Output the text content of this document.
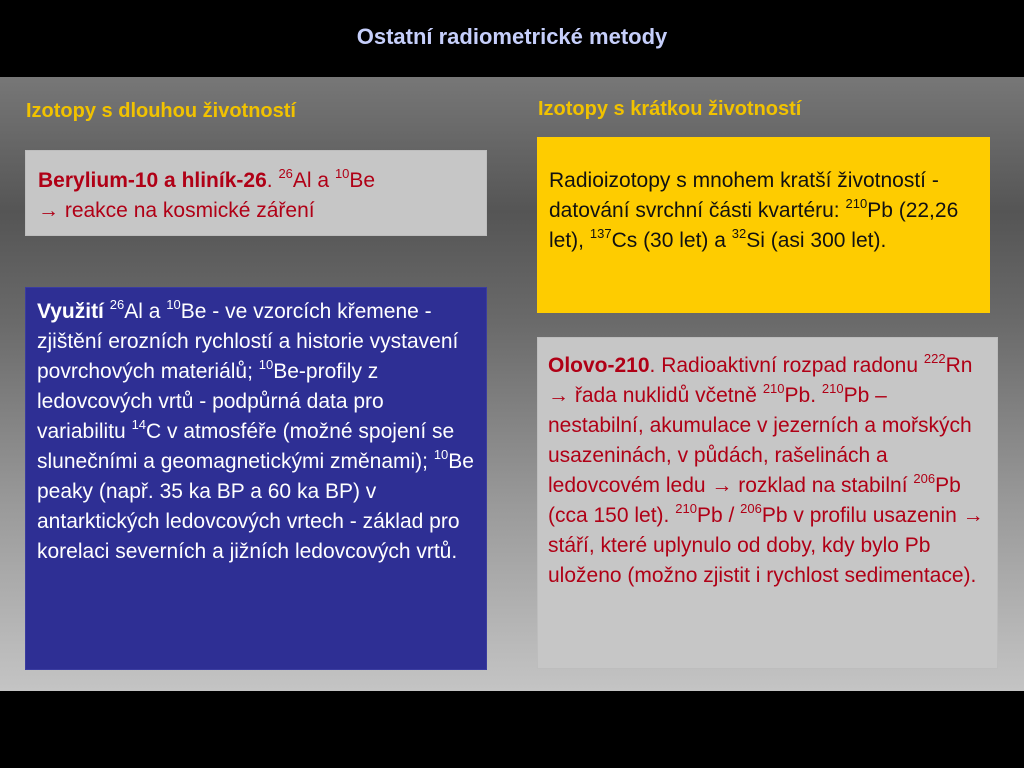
Ostatní radiometrické metody
Izotopy s dlouhou životností

Berylium-10 a hliník-26. $^{26}$Al a $^{10}$Be
→ reakce na kosmické záření

Využití $^{26}$Al a $^{10}$Be - ve vzorcích křemene - zjištění erozních rychlostí a historie vystavení povrchových materiálů; $^{10}$Be-profily z ledovcových vrtů - podpůrná data pro variabilitu $^{14}$C v atmosféře (možné spojení se slunečními a geomagnetickými změnami); $^{10}$Be peaky (např. 35 ka BP a 60 ka BP) v antarktických ledovcových vrtech - základ pro korelaci severních a jižních ledovcových vrtů.

Izotopy s krátkou životností

Radioizotopy s mnohem kratší životností - datování svrchní části kvartéru: $^{210}$Pb (22,26 let), $^{137}$Cs (30 let) a $^{32}$Si (asi 300 let).

Olovo-210. Radioaktivní rozpad radonu $^{222}$Rn → řada nuklidů včetně $^{210}$Pb. $^{210}$Pb – nestabilní, akumulace v jezerních a mořských usazeninách, v půdách, rašelinách a ledovcovém ledu → rozklad na stabilní $^{206}$Pb (cca 150 let). $^{210}$Pb / $^{206}$Pb v profilu usazenin → stáří, které uplynulo od doby, kdy bylo Pb uloženo (možno zjistit i rychlost sedimentace).
